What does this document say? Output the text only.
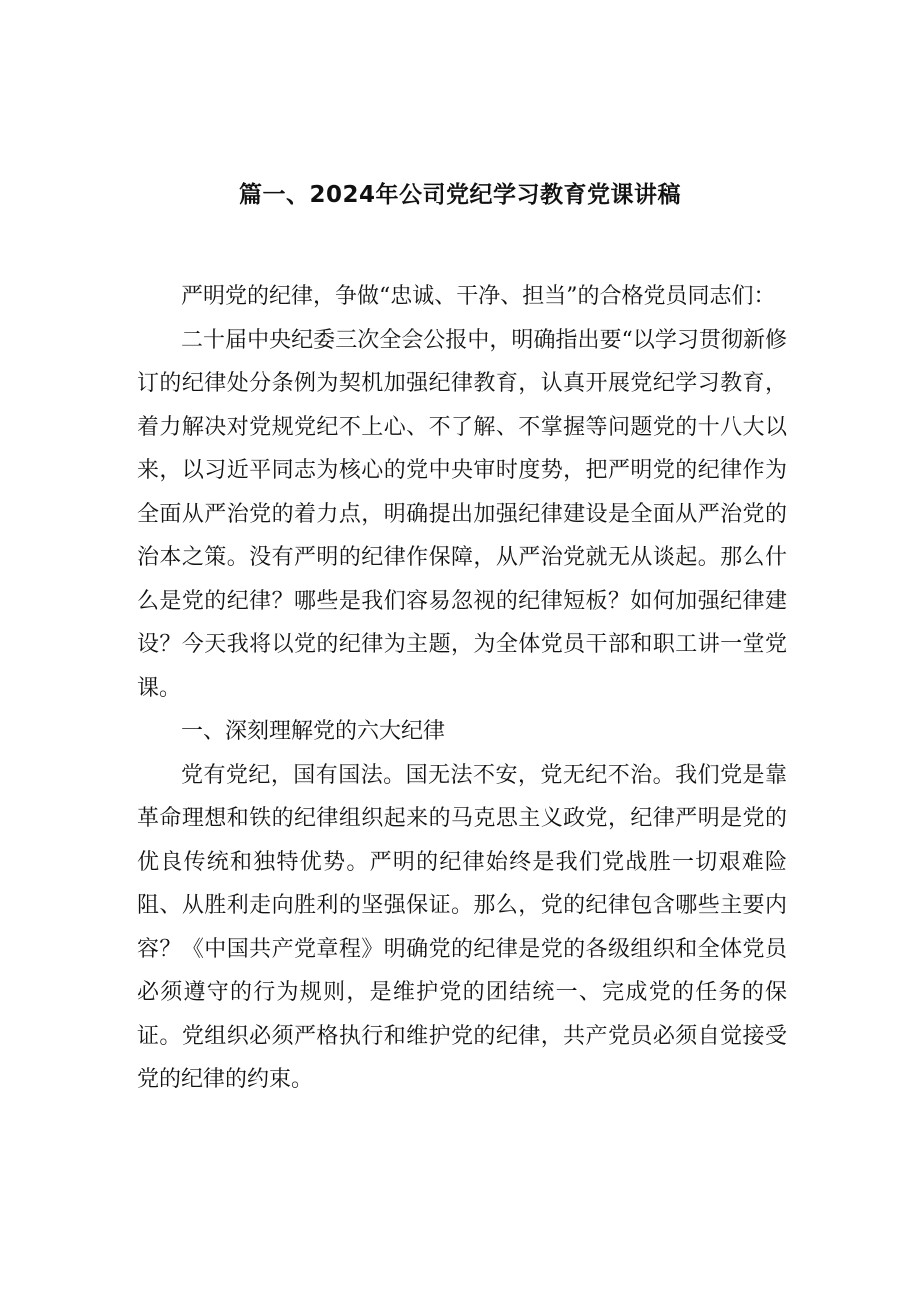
篇一、2024年公司党纪学习教育党课讲稿

严明党的纪律，争做“忠诚、干净、担当”的合格党员同志们：

二十届中央纪委三次全会公报中，明确指出要“以学习贯彻新修订的纪律处分条例为契机加强纪律教育，认真开展党纪学习教育，着力解决对党规党纪不上心、不了解、不掌握等问题党的十八大以来，以习近平同志为核心的党中央审时度势，把严明党的纪律作为全面从严治党的着力点，明确提出加强纪律建设是全面从严治党的治本之策。没有严明的纪律作保障，从严治党就无从谈起。那么什么是党的纪律？哪些是我们容易忽视的纪律短板？如何加强纪律建设？今天我将以党的纪律为主题，为全体党员干部和职工讲一堂党课。

一、深刻理解党的六大纪律

党有党纪，国有国法。国无法不安，党无纪不治。我们党是靠革命理想和铁的纪律组织起来的马克思主义政党，纪律严明是党的优良传统和独特优势。严明的纪律始终是我们党战胜一切艰难险阻、从胜利走向胜利的坚强保证。那么，党的纪律包含哪些主要内容？《中国共产党章程》明确党的纪律是党的各级组织和全体党员必须遵守的行为规则，是维护党的团结统一、完成党的任务的保证。党组织必须严格执行和维护党的纪律，共产党员必须自觉接受党的纪律的约束。
